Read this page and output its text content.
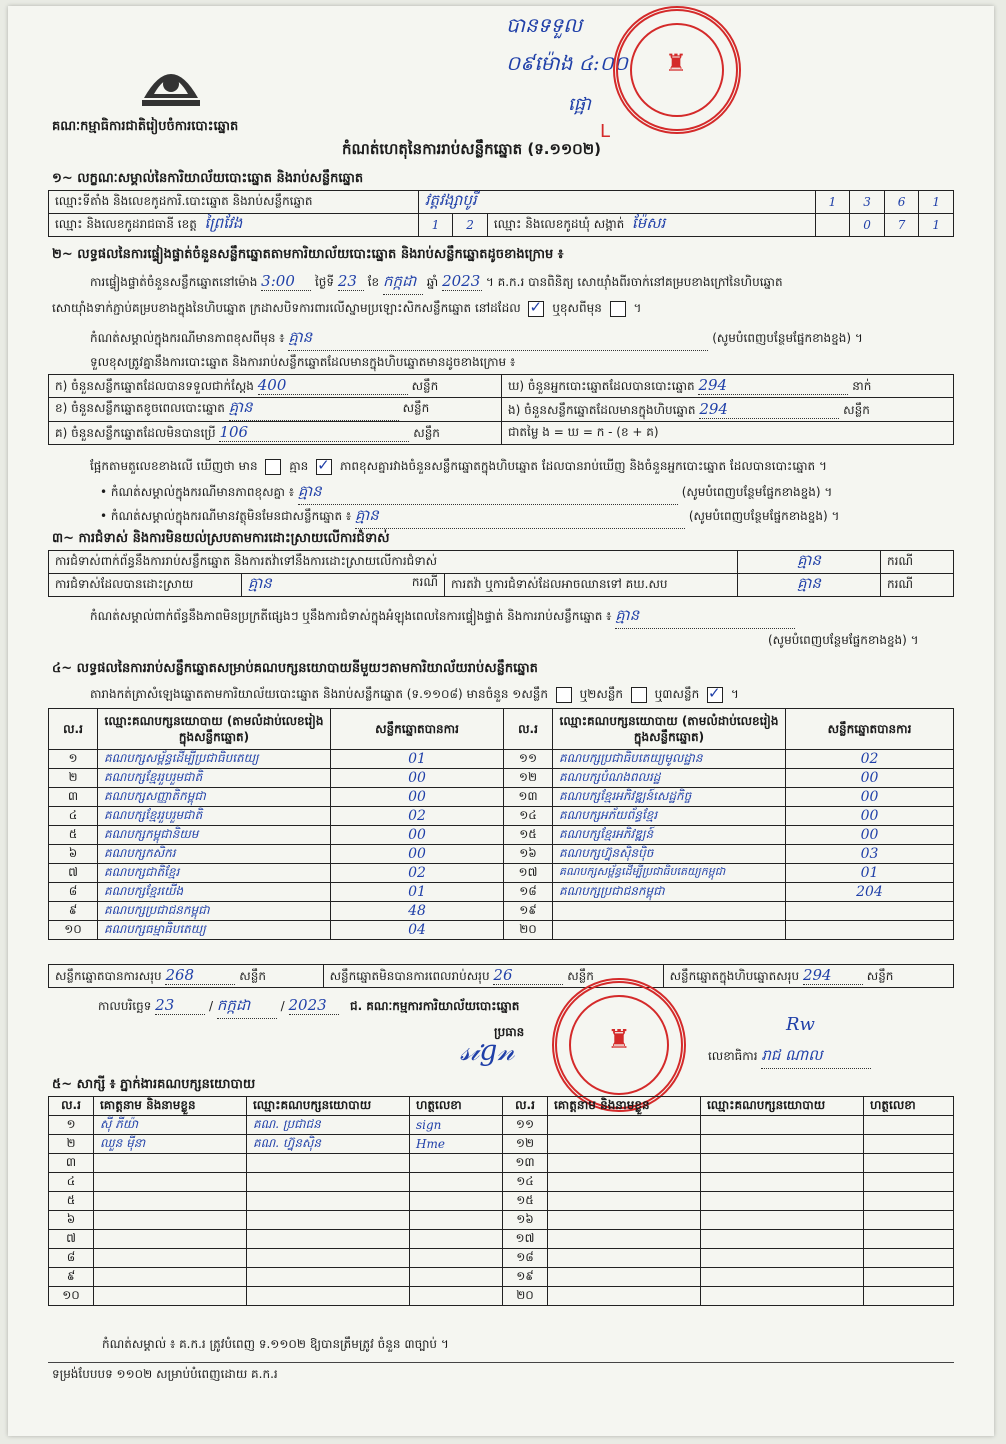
គណៈកម្មាធិការជាតិរៀបចំការបោះឆ្នោត
បានទទួល
០៩ម៉ោង ៤:០០
ផ្អោ
♜
L
កំណត់ហេតុនៃការរាប់សន្លឹកឆ្នោត (ទ.១១០២)
១~ លក្ខណៈសម្គាល់នៃការិយាល័យបោះឆ្នោត និងរាប់សន្លឹកឆ្នោត
ឈ្មោះទីតាំង និងលេខកូដការិ.បោះឆ្នោត និងរាប់សន្លឹកឆ្នោត	វត្តវង្សាបូរី			1	3	6	1
ឈ្មោះ និងលេខកូដរាជធានី ខេត្ត ព្រៃវែង	1	2	ឈ្មោះ និងលេខកូដឃុំ សង្កាត់ ម៉ែសរ		0	7	1
២~ លទ្ធផលនៃការផ្ទៀងផ្ទាត់ចំនួនសន្លឹកឆ្នោតតាមការិយាល័យបោះឆ្នោត និងរាប់សន្លឹកឆ្នោតដូចខាងក្រោម ៖
ការផ្ទៀងផ្ទាត់ចំនួនសន្លឹកឆ្នោតនៅម៉ោង 3:00 ថ្ងៃទី 23 ខែ កក្កដា ឆ្នាំ 2023 ។ គ.ក.រ បានពិនិត្យ សោយ៉ាំងពីរចាក់នៅគម្របខាងក្រៅនៃហិបឆ្នោត
សោយ៉ាំងទាក់ភ្ជាប់គម្របខាងក្នុងនៃហិបឆ្នោត ក្រដាសបិទការពារលើស្នាមប្រឡោះសិកសន្លឹកឆ្នោត នៅដដែល ✓	ឬខុសពីមុន	។
កំណត់សម្គាល់ក្នុងករណីមានភាពខុសពីមុន ៖ គ្មាន	(សូមបំពេញបន្ថែមផ្នែកខាងខ្នង) ។
ទួលខុសត្រូវគ្នានឹងការបោះឆ្នោត និងការរាប់សន្លឹកឆ្នោតដែលមានក្នុងហិបឆ្នោតមានដូចខាងក្រោម ៖
ក) ចំនួនសន្លឹកឆ្នោតដែលបានទទួលជាក់ស្តែង 400 សន្លឹក	ឃ) ចំនួនអ្នកបោះឆ្នោតដែលបានបោះឆ្នោត 294 នាក់
ខ) ចំនួនសន្លឹកឆ្នោតខូចពេលបោះឆ្នោត គ្មាន សន្លឹក	ង) ចំនួនសន្លឹកឆ្នោតដែលមានក្នុងហិបឆ្នោត 294 សន្លឹក
គ) ចំនួនសន្លឹកឆ្នោតដែលមិនបានប្រើ 106 សន្លឹក	ជាតម្លៃ ង = ឃ = ក - (ខ + គ)
ផ្អែកតាមតួលេខខាងលើ ឃើញថា មាន	គ្មាន ✓	ភាពខុសគ្នារវាងចំនួនសន្លឹកឆ្នោតក្នុងហិបឆ្នោត ដែលបានរាប់ឃើញ និងចំនួនអ្នកបោះឆ្នោត ដែលបានបោះឆ្នោត ។
• កំណត់សម្គាល់ក្នុងករណីមានភាពខុសគ្នា ៖ គ្មាន	(សូមបំពេញបន្ថែមផ្នែកខាងខ្នង) ។
• កំណត់សម្គាល់ក្នុងករណីមានវត្ថុមិនមែនជាសន្លឹកឆ្នោត ៖ គ្មាន	(សូមបំពេញបន្ថែមផ្នែកខាងខ្នង) ។
៣~ ការជំទាស់ និងការមិនយល់ស្របតាមការដោះស្រាយលើការជំទាស់
ការជំទាស់ពាក់ព័ន្ធនឹងការរាប់សន្លឹកឆ្នោត និងការតវ៉ាទៅនឹងការដោះស្រាយលើការជំទាស់			គ្មាន	ករណី
ការជំទាស់ដែលបានដោះស្រាយ	គ្មាន ករណី	ការតវ៉ា ឬការជំទាស់ដែលអាចឈានទៅ គឃ.សប	គ្មាន	ករណី
កំណត់សម្គាល់ពាក់ព័ន្ធនឹងភាពមិនប្រក្រតីផ្សេងៗ ឬនឹងការជំទាស់ក្នុងអំឡុងពេលនៃការផ្ទៀងផ្ទាត់ និងការរាប់សន្លឹកឆ្នោត ៖ គ្មាន
(សូមបំពេញបន្ថែមផ្នែកខាងខ្នង) ។
៤~ លទ្ធផលនៃការរាប់សន្លឹកឆ្នោតសម្រាប់គណបក្សនយោបាយនីមួយៗតាមការិយាល័យរាប់សន្លឹកឆ្នោត
តារាងកត់ត្រាសំឡេងឆ្នោតតាមការិយាល័យបោះឆ្នោត និងរាប់សន្លឹកឆ្នោត (ទ.១១០៨) មានចំនួន ១សន្លឹក	ឬ២សន្លឹក	ឬ៣សន្លឹក ✓ ។
ល.រ	ឈ្មោះគណបក្សនយោបាយ (តាមលំដាប់លេខរៀងក្នុងសន្លឹកឆ្នោត)	សន្លឹកឆ្នោតបានការ	ល.រ	ឈ្មោះគណបក្សនយោបាយ (តាមលំដាប់លេខរៀងក្នុងសន្លឹកឆ្នោត)	សន្លឹកឆ្នោតបានការ
១	គណបក្សសម្ព័ន្ធដើម្បីប្រជាធិបតេយ្យ	01	១១	គណបក្សប្រជាធិបតេយ្យមូលដ្ឋាន	02
២	គណបក្សខ្មែររួបរួមជាតិ	00	១២	គណបក្សបំណងពលរដ្ឋ	00
៣	គណបក្សសញ្ញាតិកម្ពុជា	00	១៣	គណបក្សខ្មែរអភិវឌ្ឍន៍សេដ្ឋកិច្ច	00
៤	គណបក្សខ្មែររួបរួមជាតិ	02	១៤	គណបក្សអភ័យព័ន្ធខ្មែរ	00
៥	គណបក្សកម្ពុជានិយម	00	១៥	គណបក្សខ្មែរអភិវឌ្ឍន៍	00
៦	គណបក្សកសិករ	00	១៦	គណបក្សហ្វ៊ុនស៊ិនប៉ិច	03
៧	គណបក្សជាតិខ្មែរ	02	១៧	គណបក្សសម្ព័ន្ធដើម្បីប្រជាធិបតេយ្យកម្ពុជា	01
៨	គណបក្សខ្មែរយើង	01	១៨	គណបក្សប្រជាជនកម្ពុជា	204
៩	គណបក្សប្រជាជនកម្ពុជា	48	១៩		
១០	គណបក្សធម្មាធិបតេយ្យ	04	២០		
សន្លឹកឆ្នោតបានការសរុប 268	សន្លឹក	សន្លឹកឆ្នោតមិនបានការពេលរាប់សរុប 26	សន្លឹក	សន្លឹកឆ្នោតក្នុងហិបឆ្នោតសរុប 294	សន្លឹក
កាលបរិច្ឆេទ 23	/ កក្កដា / 2023 ជ. គណៈកម្មការការិយាល័យបោះឆ្នោត
ប្រធាន
𝓈𝒾𝑔𝓃	♜
Rw
លេខាធិការ រាជ ណាល
៥~ សាក្សី ៖ ភ្នាក់ងារគណបក្សនយោបាយ
ល.រ	គោត្តនាម និងនាមខ្លួន	ឈ្មោះគណបក្សនយោបាយ	ហត្ថលេខា	ល.រ	គោត្តនាម និងនាមខ្លួន	ឈ្មោះគណបក្សនយោបាយ	ហត្ថលេខា
១	ស៊ី ភីយ៉ា	គណ. ប្រជាជន	sign	១១			
២	ឈួន ម៉ីនា	គណ. ហ្វ៊ុនស៊ិន	Hme	១២			
៣				១៣			
៤				១៤			
៥				១៥			
៦				១៦			
៧				១៧			
៨				១៨			
៩				១៩			
១០				២០			
កំណត់សម្គាល់ ៖ គ.ក.រ ត្រូវបំពេញ ទ.១១០២ ឱ្យបានត្រឹមត្រូវ ចំនួន ៣ច្បាប់ ។
ទម្រង់បែបបទ ១១០២ សម្រាប់បំពេញដោយ គ.ក.រ
